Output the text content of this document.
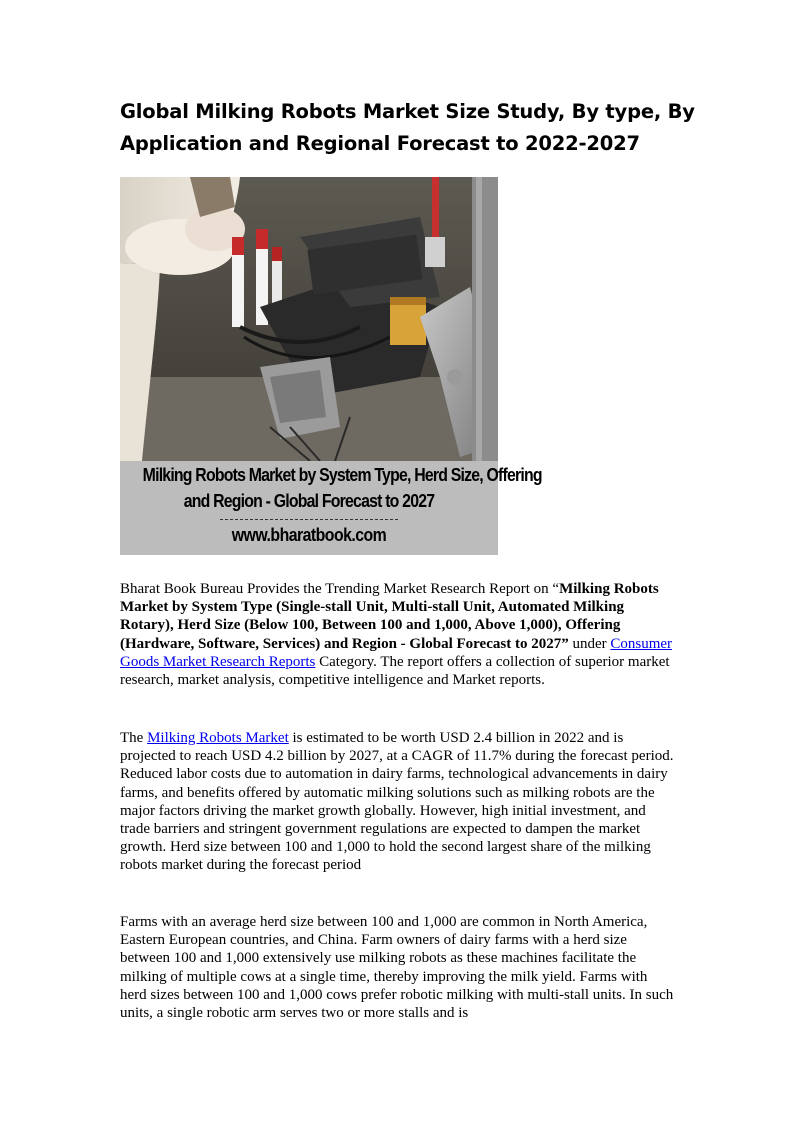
Global Milking Robots Market Size Study, By type, By Application and Regional Forecast to 2022-2027
Milking Robots Market by System Type, Herd Size, Offering
and Region - Global Forecast to 2027
www.bharatbook.com

Bharat Book Bureau Provides the Trending Market Research Report on “Milking Robots Market by System Type (Single-stall Unit, Multi-stall Unit, Automated Milking Rotary), Herd Size (Below 100, Between 100 and 1,000, Above 1,000), Offering (Hardware, Software, Services) and Region - Global Forecast to 2027” under Consumer Goods Market Research Reports Category. The report offers a collection of superior market research, market analysis, competitive intelligence and Market reports.

The Milking Robots Market is estimated to be worth USD 2.4 billion in 2022 and is projected to reach USD 4.2 billion by 2027, at a CAGR of 11.7% during the forecast period. Reduced labor costs due to automation in dairy farms, technological advancements in dairy farms, and benefits offered by automatic milking solutions such as milking robots are the major factors driving the market growth globally. However, high initial investment, and trade barriers and stringent government regulations are expected to dampen the market growth. Herd size between 100 and 1,000 to hold the second largest share of the milking robots market during the forecast period

Farms with an average herd size between 100 and 1,000 are common in North America, Eastern European countries, and China. Farm owners of dairy farms with a herd size between 100 and 1,000 extensively use milking robots as these machines facilitate the milking of multiple cows at a single time, thereby improving the milk yield. Farms with herd sizes between 100 and 1,000 cows prefer robotic milking with multi-stall units. In such units, a single robotic arm serves two or more stalls and is
